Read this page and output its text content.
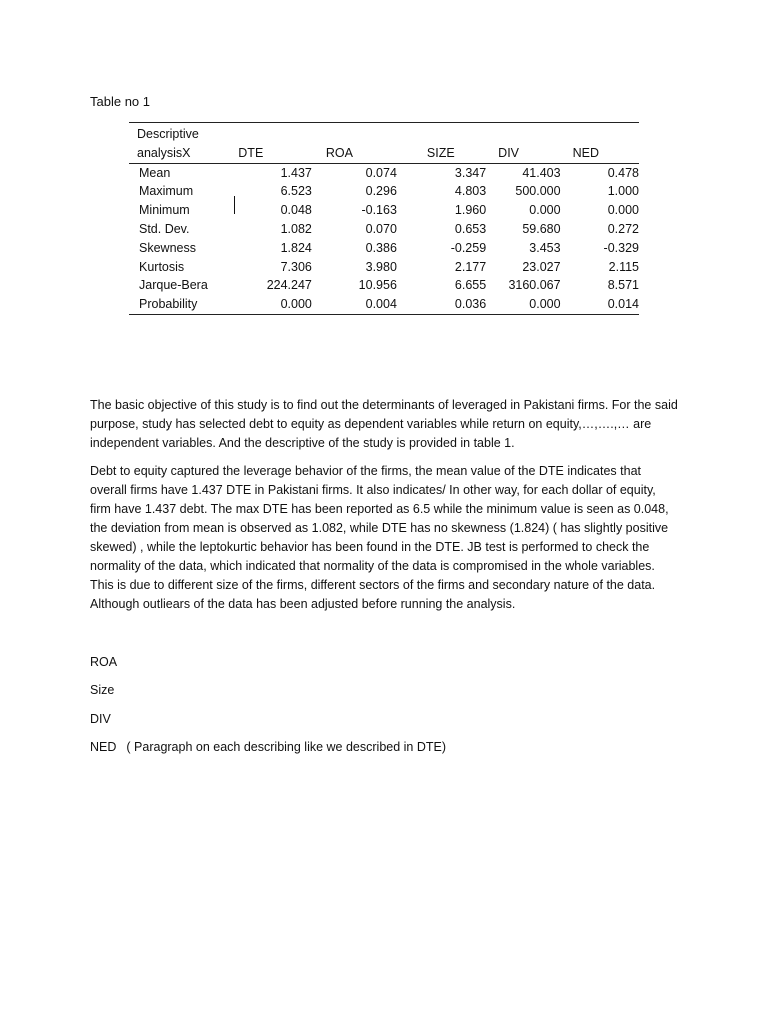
Table no 1
Descriptive analysisX	DTE	ROA	SIZE	DIV	NED
Mean	1.437	0.074	3.347	41.403	0.478
Maximum	6.523	0.296	4.803	500.000	1.000
Minimum	0.048	-0.163	1.960	0.000	0.000
Std. Dev.	1.082	0.070	0.653	59.680	0.272
Skewness	1.824	0.386	-0.259	3.453	-0.329
Kurtosis	7.306	3.980	2.177	23.027	2.115
Jarque-Bera	224.247	10.956	6.655	3160.067	8.571
Probability	0.000	0.004	0.036	0.000	0.014

The basic objective of this study is to find out the determinants of leveraged in Pakistani firms. For the said purpose, study has selected debt to equity as dependent variables while return on equity,…,….,… are independent variables. And the descriptive of the study is provided in table 1.

Debt to equity captured the leverage behavior of the firms, the mean value of the DTE indicates that overall firms have 1.437 DTE in Pakistani firms. It also indicates/ In other way, for each dollar of equity, firm have 1.437 debt. The max DTE has been reported as 6.5 while the minimum value is seen as 0.048, the deviation from mean is observed as 1.082, while DTE has no skewness (1.824) ( has slightly positive skewed) , while the leptokurtic behavior has been found in the DTE. JB test is performed to check the normality of the data, which indicated that normality of the data is compromised in the whole variables. This is due to different size of the firms, different sectors of the firms and secondary nature of the data. Although outliears of the data has been adjusted before running the analysis.

ROA

Size

DIV

NED ( Paragraph on each describing like we described in DTE)
